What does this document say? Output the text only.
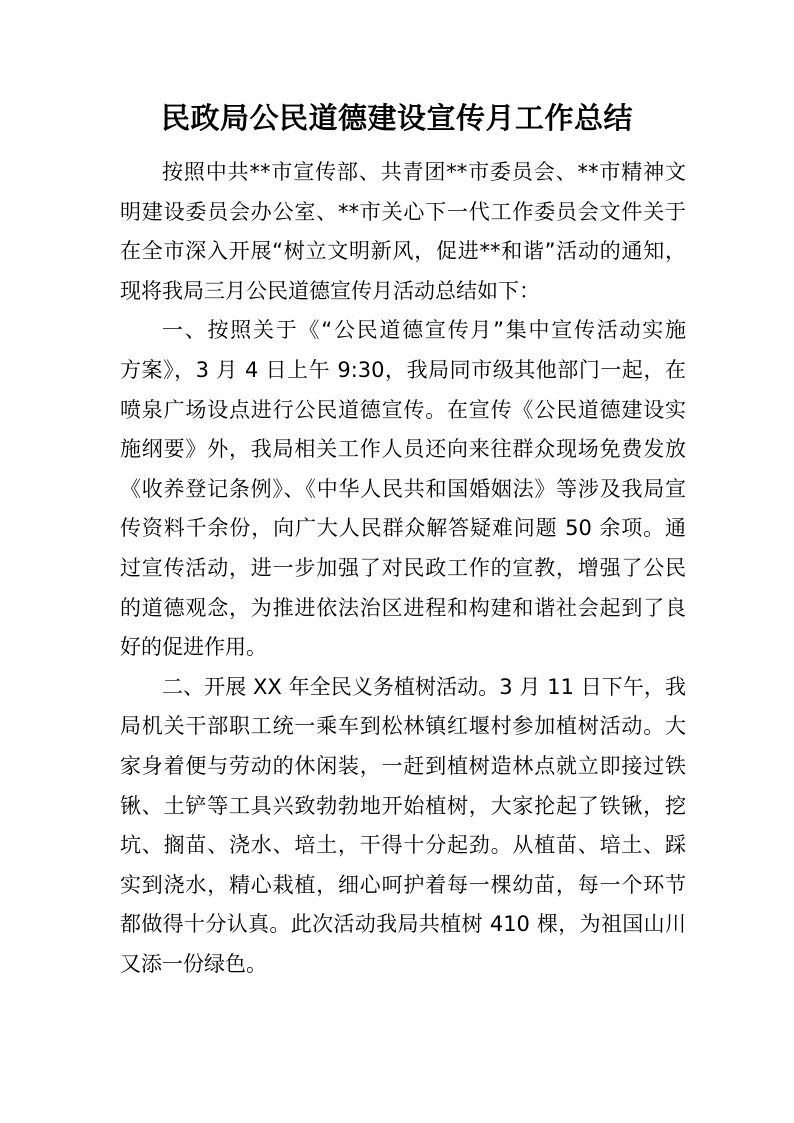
民政局公民道德建设宣传月工作总结
按照中共**市宣传部、共青团**市委员会、**市精神文
明建设委员会办公室、**市关心下一代工作委员会文件关于
在全市深入开展“树立文明新风，促进**和谐”活动的通知，
现将我局三月公民道德宣传月活动总结如下：
一、按照关于《“公民道德宣传月”集中宣传活动实施
方案》，3 月 4 日上午 9:30，我局同市级其他部门一起，在
喷泉广场设点进行公民道德宣传。在宣传《公民道德建设实
施纲要》外，我局相关工作人员还向来往群众现场免费发放
《收养登记条例》、《中华人民共和国婚姻法》等涉及我局宣
传资料千余份，向广大人民群众解答疑难问题 50 余项。通
过宣传活动，进一步加强了对民政工作的宣教，增强了公民
的道德观念，为推进依法治区进程和构建和谐社会起到了良
好的促进作用。
二、开展 XX 年全民义务植树活动。3 月 11 日下午，我
局机关干部职工统一乘车到松林镇红堰村参加植树活动。大
家身着便与劳动的休闲装，一赶到植树造林点就立即接过铁
锹、土铲等工具兴致勃勃地开始植树，大家抡起了铁锹，挖
坑、搁苗、浇水、培土，干得十分起劲。从植苗、培土、踩
实到浇水，精心栽植，细心呵护着每一棵幼苗，每一个环节
都做得十分认真。此次活动我局共植树 410 棵，为祖国山川
又添一份绿色。
